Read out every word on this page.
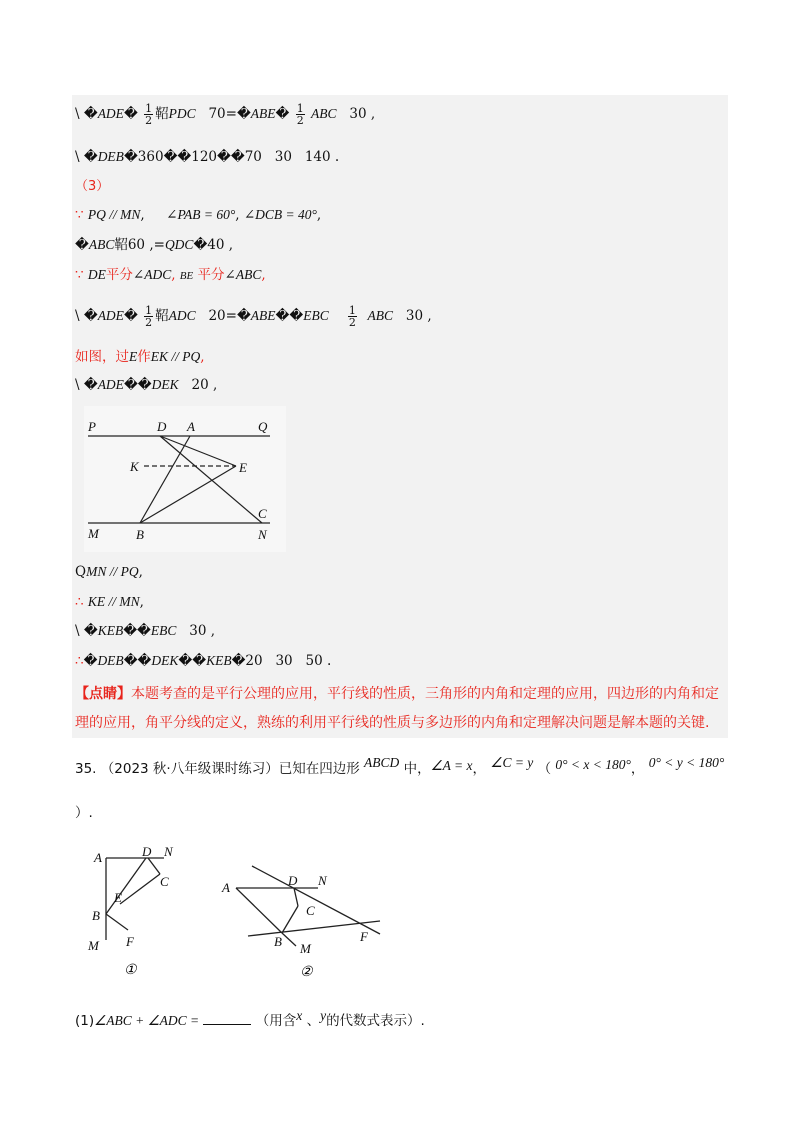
\ �ADE� $\frac{1}{2}$ 鞀PDC 70=�ABE� $\frac{1}{2}$ ABC 30 ,
\ �DEB�360��120��70 30 140 .
（3）
∵ PQ // MN, ∠PAB = 60°, ∠DCB = 40°,
�ABC鞀60 ,=QDC�40 ,
∵ DE平分∠ADC, BE 平分∠ABC,
\ �ADE� $\frac{1}{2}$ 鞀ADC 20=�ABE��EBC $\frac{1}{2}$ ABC 30 ,
如图，过E作EK // PQ,
\ �ADE��DEK 20 ,
P	D A	Q
K	E
C
M	B	N
QMN // PQ,
∴ KE // MN,
\ �KEB��EBC 30 ,
∴�DEB��DEK��KEB�20 30 50 .
【点睛】本题考查的是平行公理的应用，平行线的性质，三角形的内角和定理的应用，四边形的内角和定理的应用，角平分线的定义，熟练的利用平行线的性质与多边形的内角和定理解决问题是解本题的关键.
35. （2023 秋·八年级课时练习）已知在四边形 ABCD 中，∠A = x， ∠C = y （ 0° < x < 180°， 0° < y < 180°
）.
A	D N
C
E
B
M F
①
A	D N
C
F
B M
②
(1)∠ABC + ∠ADC =	（用含x 、y的代数式表示）.
